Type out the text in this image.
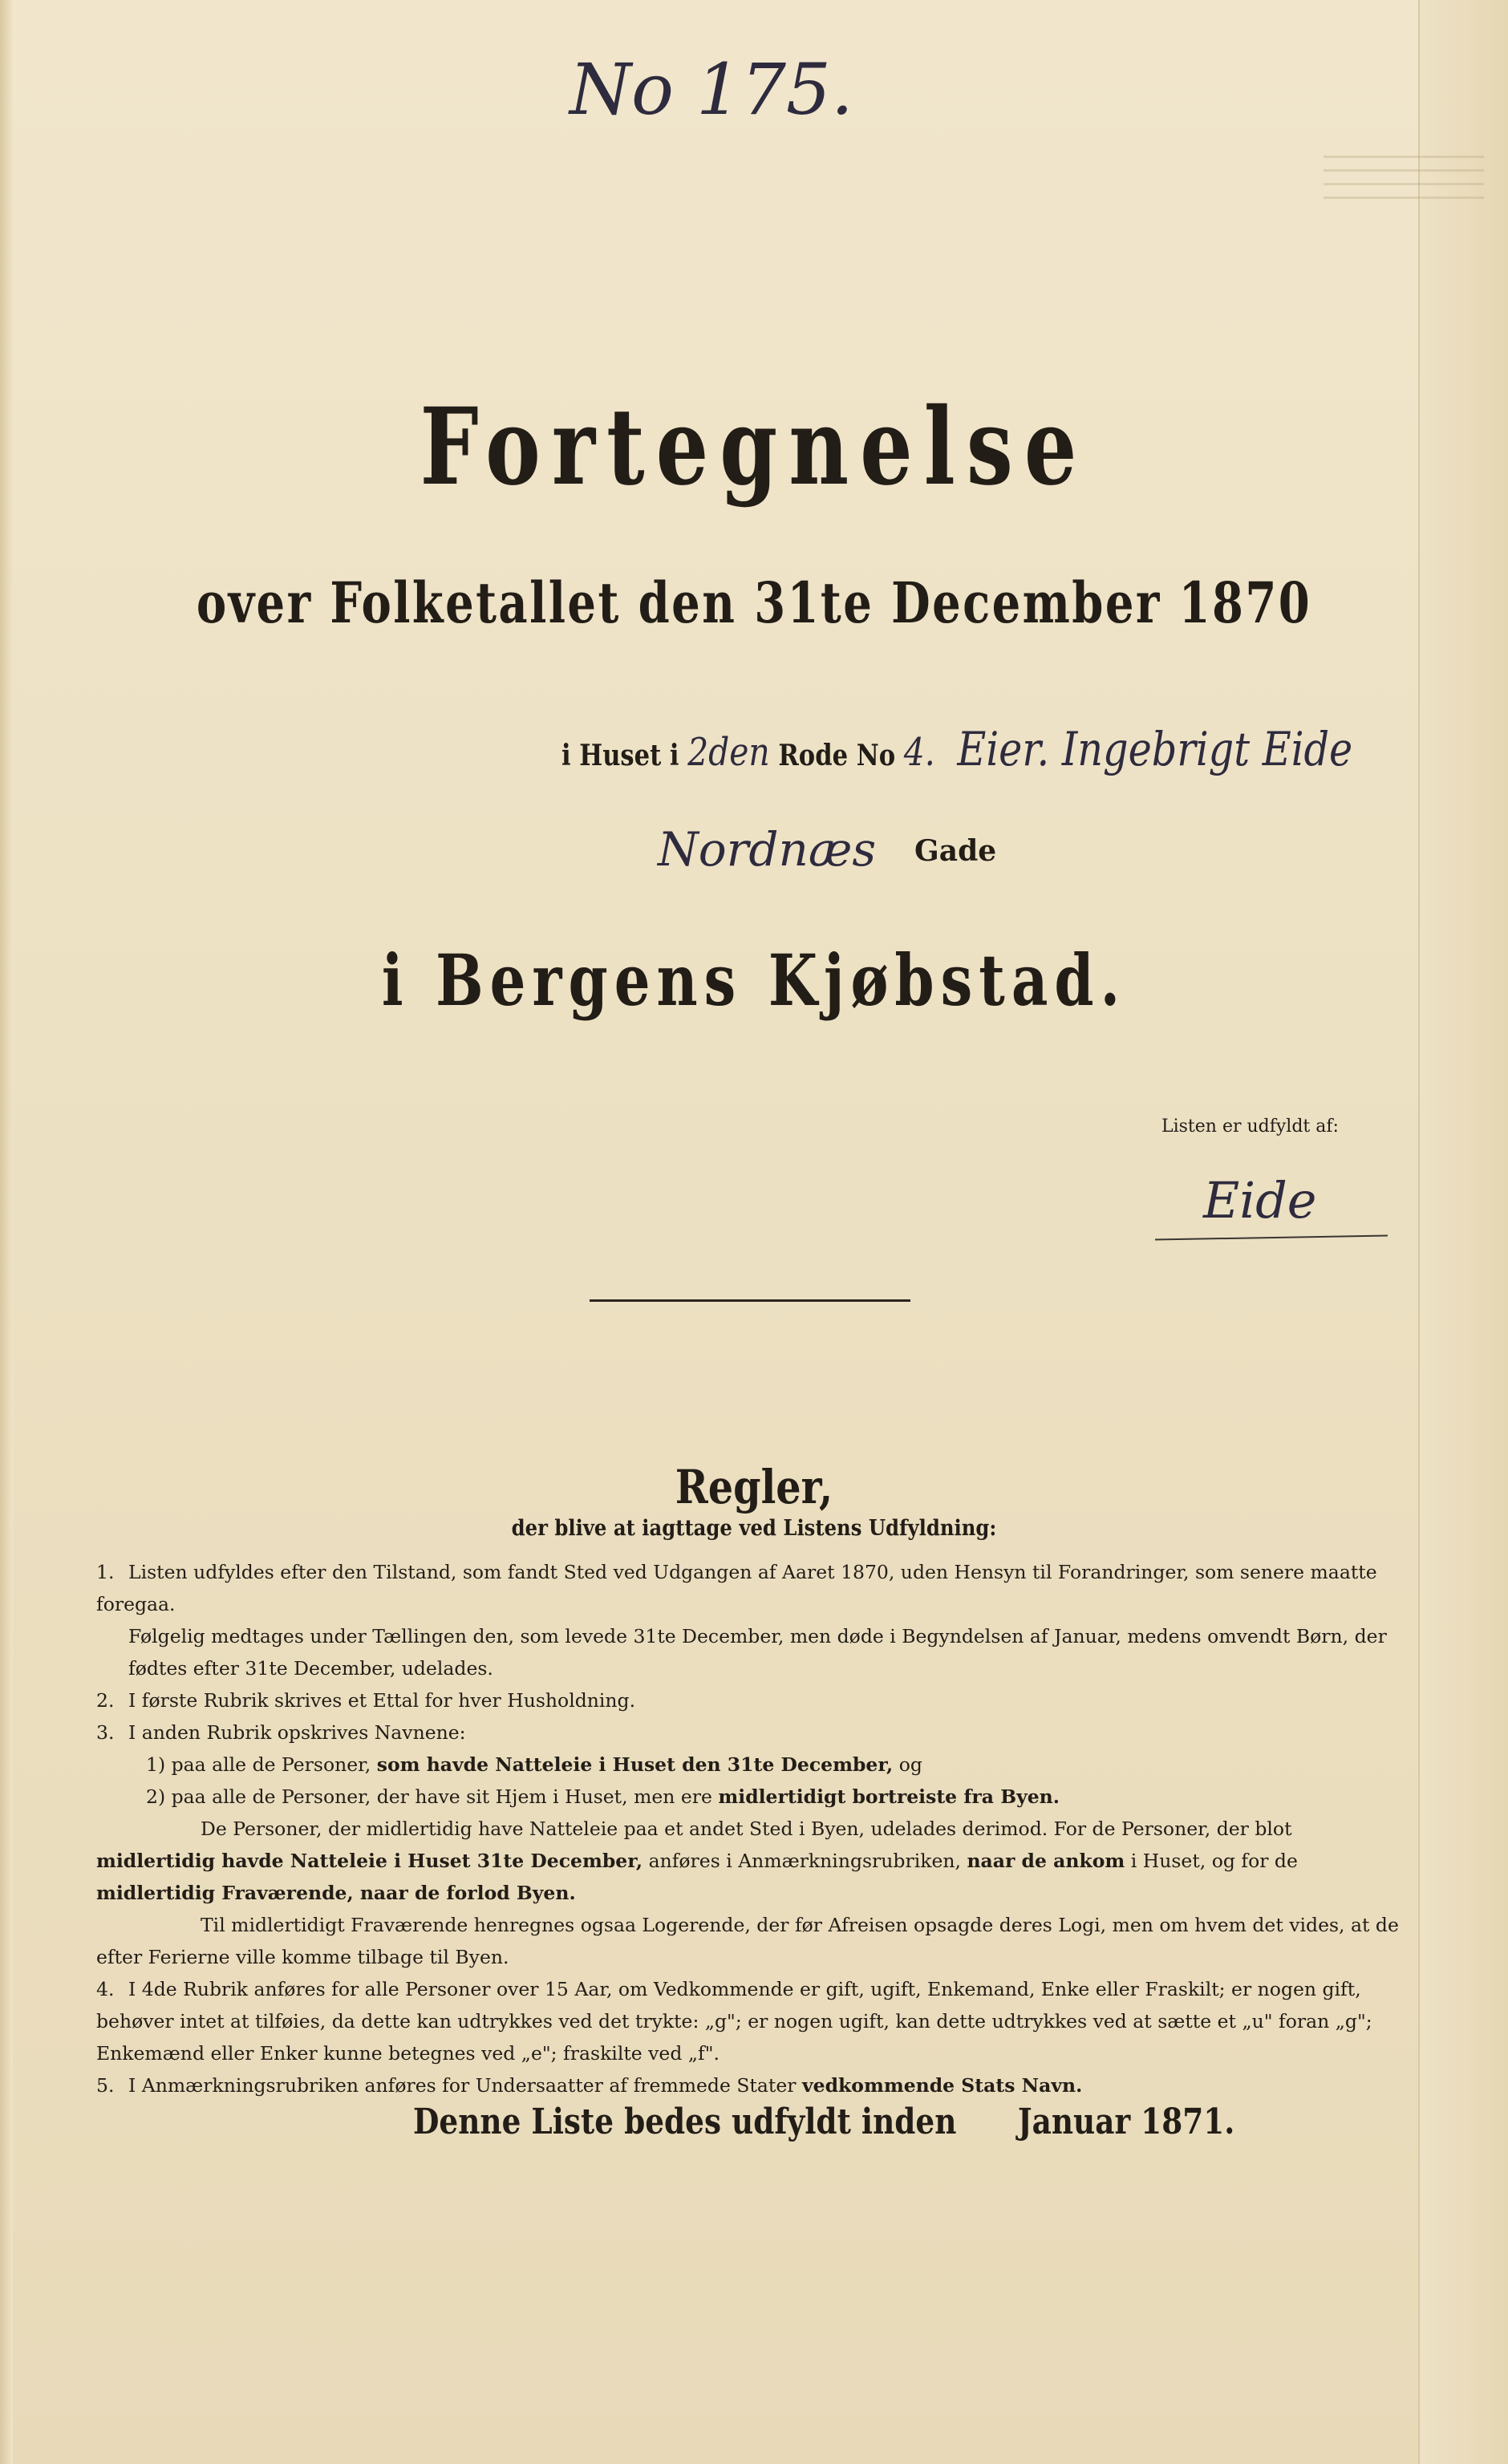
No 175.
Fortegnelse
over Folketallet den 31te December 1870
i Huset i 2den Rode No 4. Eier. Ingebrigt Eide
Nordnæs Gade
i Bergens Kjøbstad.
Listen er udfyldt af:
Eide
Regler,
der blive at iagttage ved Listens Udfyldning:

1. Listen udfyldes efter den Tilstand, som fandt Sted ved Udgangen af Aaret 1870, uden Hensyn til Forandringer, som senere maatte foregaa.

Følgelig medtages under Tællingen den, som levede 31te December, men døde i Begyndelsen af Januar, medens omvendt Børn, der fødtes efter 31te December, udelades.

2. I første Rubrik skrives et Ettal for hver Husholdning.

3. I anden Rubrik opskrives Navnene:

1) paa alle de Personer, som havde Natteleie i Huset den 31te December, og

2) paa alle de Personer, der have sit Hjem i Huset, men ere midlertidigt bortreiste fra Byen.

De Personer, der midlertidig have Natteleie paa et andet Sted i Byen, udelades derimod. For de Personer, der blot midlertidig havde Natteleie i Huset 31te December, anføres i Anmærkningsrubriken, naar de ankom i Huset, og for de midlertidig Fraværende, naar de forlod Byen.

Til midlertidigt Fraværende henregnes ogsaa Logerende, der før Afreisen opsagde deres Logi, men om hvem det vides, at de efter Ferierne ville komme tilbage til Byen.

4. I 4de Rubrik anføres for alle Personer over 15 Aar, om Vedkommende er gift, ugift, Enkemand, Enke eller Fraskilt; er nogen gift, behøver intet at tilføies, da dette kan udtrykkes ved det trykte: „g"; er nogen ugift, kan dette udtrykkes ved at sætte et „u" foran „g"; Enkemænd eller Enker kunne betegnes ved „e"; fraskilte ved „f".

5. I Anmærkningsrubriken anføres for Undersaatter af fremmede Stater vedkommende Stats Navn.

Denne Liste bedes udfyldt inden Januar 1871.
